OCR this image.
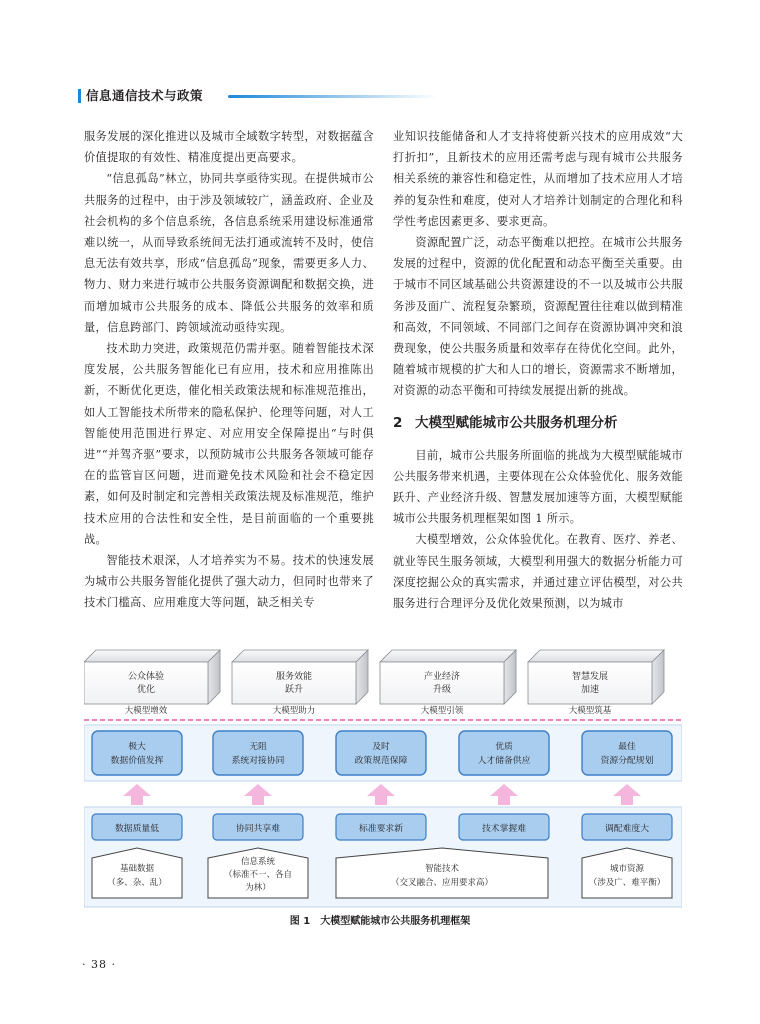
信息通信技术与政策

服务发展的深化推进以及城市全域数字转型，对数据蕴含价值提取的有效性、精准度提出更高要求。

“信息孤岛”林立，协同共享亟待实现。在提供城市公共服务的过程中，由于涉及领域较广，涵盖政府、企业及社会机构的多个信息系统，各信息系统采用建设标准通常难以统一，从而导致系统间无法打通或流转不及时，使信息无法有效共享，形成“信息孤岛”现象，需要更多人力、物力、财力来进行城市公共服务资源调配和数据交换，进而增加城市公共服务的成本、降低公共服务的效率和质量，信息跨部门、跨领域流动亟待实现。

技术助力突进，政策规范仍需并驱。随着智能技术深度发展，公共服务智能化已有应用，技术和应用推陈出新，不断优化更迭，催化相关政策法规和标准规范推出，如人工智能技术所带来的隐私保护、伦理等问题，对人工智能使用范围进行界定、对应用安全保障提出“与时俱进”“并驾齐驱”要求，以预防城市公共服务各领域可能存在的监管盲区问题，进而避免技术风险和社会不稳定因素，如何及时制定和完善相关政策法规及标准规范，维护技术应用的合法性和安全性，是目前面临的一个重要挑战。

智能技术艰深，人才培养实为不易。技术的快速发展为城市公共服务智能化提供了强大动力，但同时也带来了技术门槛高、应用难度大等问题，缺乏相关专

业知识技能储备和人才支持将使新兴技术的应用成效“大打折扣”，且新技术的应用还需考虑与现有城市公共服务相关系统的兼容性和稳定性，从而增加了技术应用人才培养的复杂性和难度，使对人才培养计划制定的合理化和科学性考虑因素更多、要求更高。

资源配置广泛，动态平衡难以把控。在城市公共服务发展的过程中，资源的优化配置和动态平衡至关重要。由于城市不同区域基础公共资源建设的不一以及城市公共服务涉及面广、流程复杂繁琐，资源配置往往难以做到精准和高效，不同领域、不同部门之间存在资源协调冲突和浪费现象，使公共服务质量和效率存在待优化空间。此外，随着城市规模的扩大和人口的增长，资源需求不断增加，对资源的动态平衡和可持续发展提出新的挑战。

2 大模型赋能城市公共服务机理分析

目前，城市公共服务所面临的挑战为大模型赋能城市公共服务带来机遇，主要体现在公众体验优化、服务效能跃升、产业经济升级、智慧发展加速等方面，大模型赋能城市公共服务机理框架如图 1 所示。

大模型增效，公众体验优化。在教育、医疗、养老、就业等民生服务领域，大模型利用强大的数据分析能力可深度挖掘公众的真实需求，并通过建立评估模型，对公共服务进行合理评分及优化效果预测，以为城市

公众体验
优化
服务效能
跃升
产业经济
升级
智慧发展
加速
大模型增效	大模型助力	大模型引领	大模型筑基
极大
数据价值发挥
无阻
系统对接协同
及时
政策规范保障
优质
人才储备供应
最佳
资源分配规划
数据质量低	协同共享难	标准要求新	技术掌握难	调配难度大
基础数据
（多、杂、乱）
信息系统
（标准不一、各自
为林）
智能技术
（交叉融合、应用要求高）
城市资源
（涉及广、难平衡）
图 1　大模型赋能城市公共服务机理框架
· 38 ·
